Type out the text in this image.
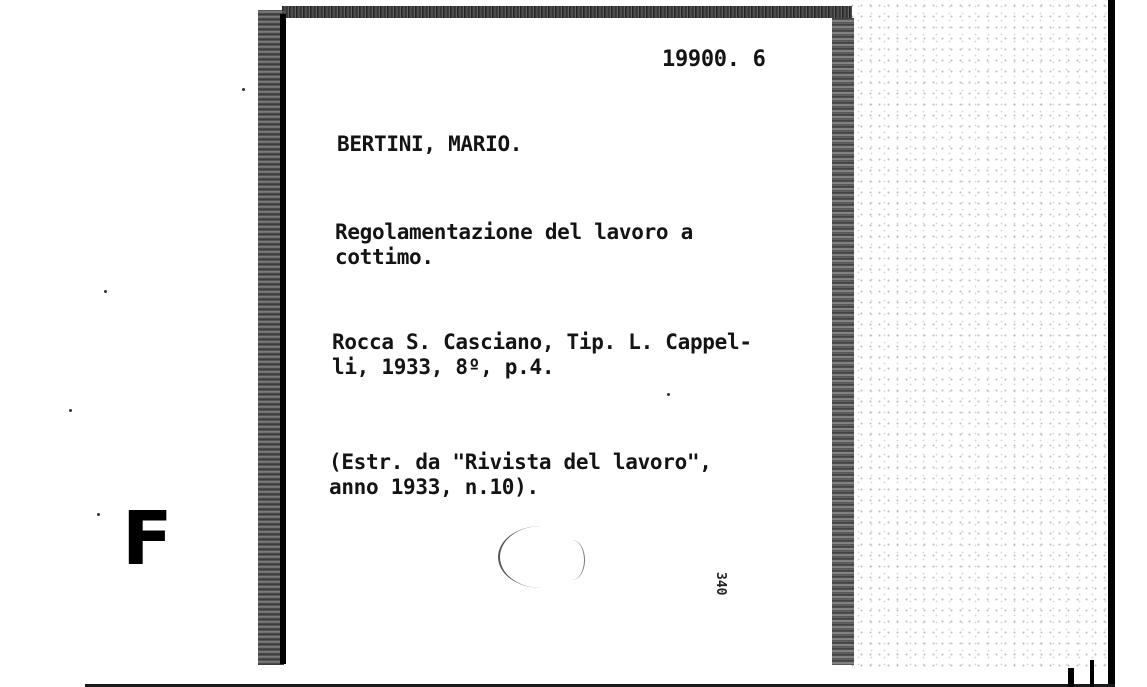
19900. 6
BERTINI, MARIO.
Regolamentazione del lavoro a
cottimo.
Rocca S. Casciano, Tip. L. Cappel-
li, 1933, 8º, p.4.
(Estr. da "Rivista del lavoro",
anno 1933, n.10).
340
F
